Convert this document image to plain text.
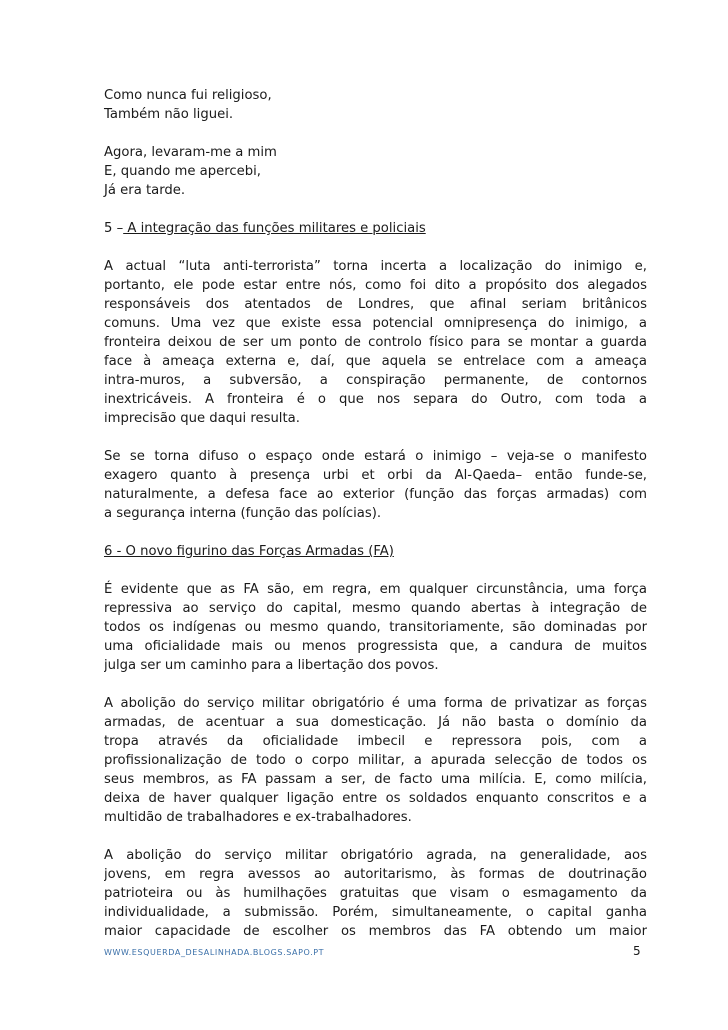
Como nunca fui religioso,

Também não liguei.

Agora, levaram-me a mim

E, quando me apercebi,

Já era tarde.

5 – A integração das funções militares e policiais

A actual “luta anti-terrorista” torna incerta a localização do inimigo e,
portanto, ele pode estar entre nós, como foi dito a propósito dos alegados
responsáveis dos atentados de Londres, que afinal seriam britânicos
comuns. Uma vez que existe essa potencial omnipresença do inimigo, a
fronteira deixou de ser um ponto de controlo físico para se montar a guarda
face à ameaça externa e, daí, que aquela se entrelace com a ameaça
intra-muros, a subversão, a conspiração permanente, de contornos
inextricáveis. A fronteira é o que nos separa do Outro, com toda a
imprecisão que daqui resulta.
Se se torna difuso o espaço onde estará o inimigo – veja-se o manifesto
exagero quanto à presença urbi et orbi da Al-Qaeda– então funde-se,
naturalmente, a defesa face ao exterior (função das forças armadas) com
a segurança interna (função das polícias).

6 - O novo figurino das Forças Armadas (FA)

É evidente que as FA são, em regra, em qualquer circunstância, uma força
repressiva ao serviço do capital, mesmo quando abertas à integração de
todos os indígenas ou mesmo quando, transitoriamente, são dominadas por
uma oficialidade mais ou menos progressista que, a candura de muitos
julga ser um caminho para a libertação dos povos.
A abolição do serviço militar obrigatório é uma forma de privatizar as forças
armadas, de acentuar a sua domesticação. Já não basta o domínio da
tropa através da oficialidade imbecil e repressora pois, com a
profissionalização de todo o corpo militar, a apurada selecção de todos os
seus membros, as FA passam a ser, de facto uma milícia. E, como milícia,
deixa de haver qualquer ligação entre os soldados enquanto conscritos e a
multidão de trabalhadores e ex-trabalhadores.
A abolição do serviço militar obrigatório agrada, na generalidade, aos
jovens, em regra avessos ao autoritarismo, às formas de doutrinação
patrioteira ou às humilhações gratuitas que visam o esmagamento da
individualidade, a submissão. Porém, simultaneamente, o capital ganha
maior capacidade de escolher os membros das FA obtendo um maior
WWW.ESQUERDA_DESALINHADA.BLOGS.SAPO.PT	5
